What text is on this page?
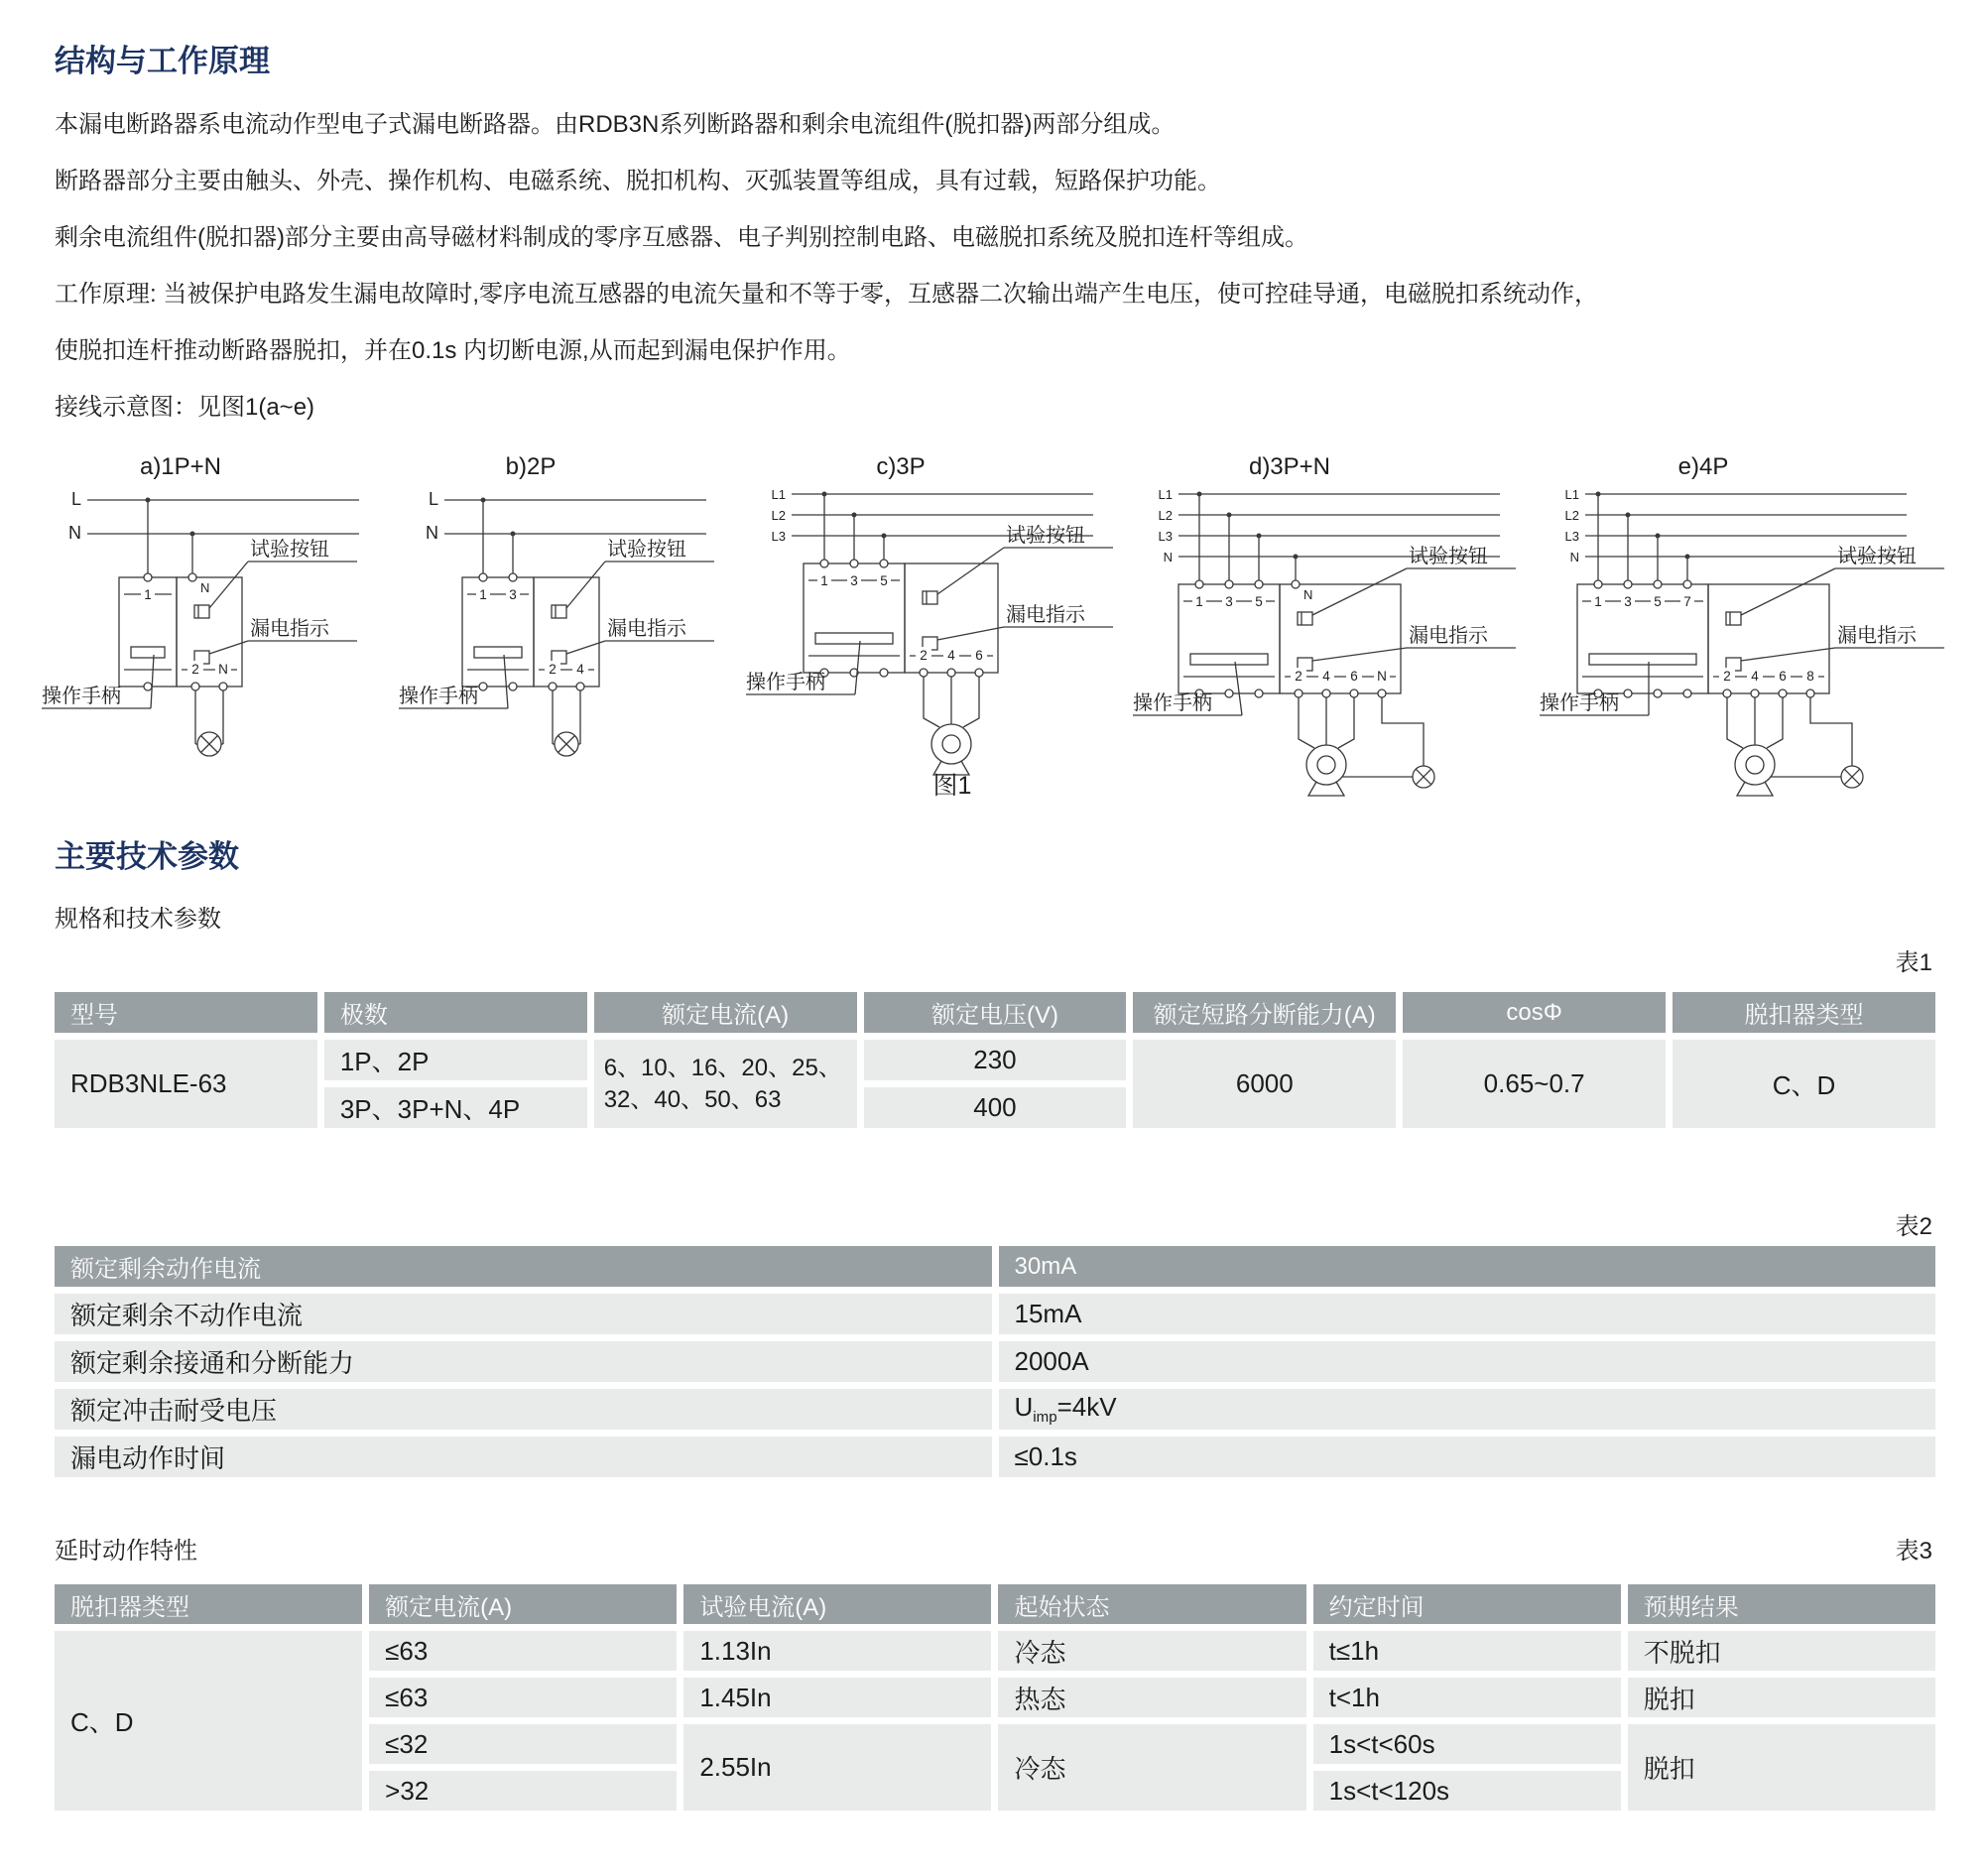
结构与工作原理
本漏电断路器系电流动作型电子式漏电断路器。由RDB3N系列断路器和剩余电流组件(脱扣器)两部分组成。
断路器部分主要由触头、外壳、操作机构、电磁系统、脱扣机构、灭弧装置等组成，具有过载，短路保护功能。
剩余电流组件(脱扣器)部分主要由高导磁材料制成的零序互感器、电子判别控制电路、电磁脱扣系统及脱扣连杆等组成。
工作原理: 当被保护电路发生漏电故障时,零序电流互感器的电流矢量和不等于零，互感器二次输出端产生电压，使可控硅导通，电磁脱扣系统动作，
使脱扣连杆推动断路器脱扣，并在0.1s 内切断电源,从而起到漏电保护作用。
接线示意图：见图1(a~e)
a)1P+N
L
N
N
1
2 N
试验按钮
漏电指示
操作手柄
b)2P
L
N
1 3
2 4
试验按钮
漏电指示
操作手柄
c)3P
L1
L2
L3
1 3 5
2 4 6
试验按钮
漏电指示
操作手柄
d)3P+N
L1
L2
L3
N
N
1 3 5
2 4 6 N
试验按钮
漏电指示
操作手柄
e)4P
L1
L2
L3
N
1 3 5 7
2 4 6 8
试验按钮
漏电指示
操作手柄
图1
主要技术参数
规格和技术参数
表1
型号	极数	额定电流(A)	额定电压(V)	额定短路分断能力(A)	cosΦ	脱扣器类型
RDB3NLE-63	1P、2P	6、10、16、20、25、32、40、50、63	230	6000	0.65~0.7	C、D
	3P、3P+N、4P		400			
表2
额定剩余动作电流	30mA
额定剩余不动作电流	15mA
额定剩余接通和分断能力	2000A
额定冲击耐受电压	$U_{imp}=4kV$
漏电动作时间	≤0.1s
延时动作特性	表3
脱扣器类型	额定电流(A)	试验电流(A)	起始状态	约定时间	预期结果
C、D	≤63	1.13In	冷态	t≤1h	不脱扣
	≤63	1.45In	热态	t<1h	脱扣
	≤32	2.55In	冷态	1s<t<60s	脱扣
	>32			1s<t<120s	
